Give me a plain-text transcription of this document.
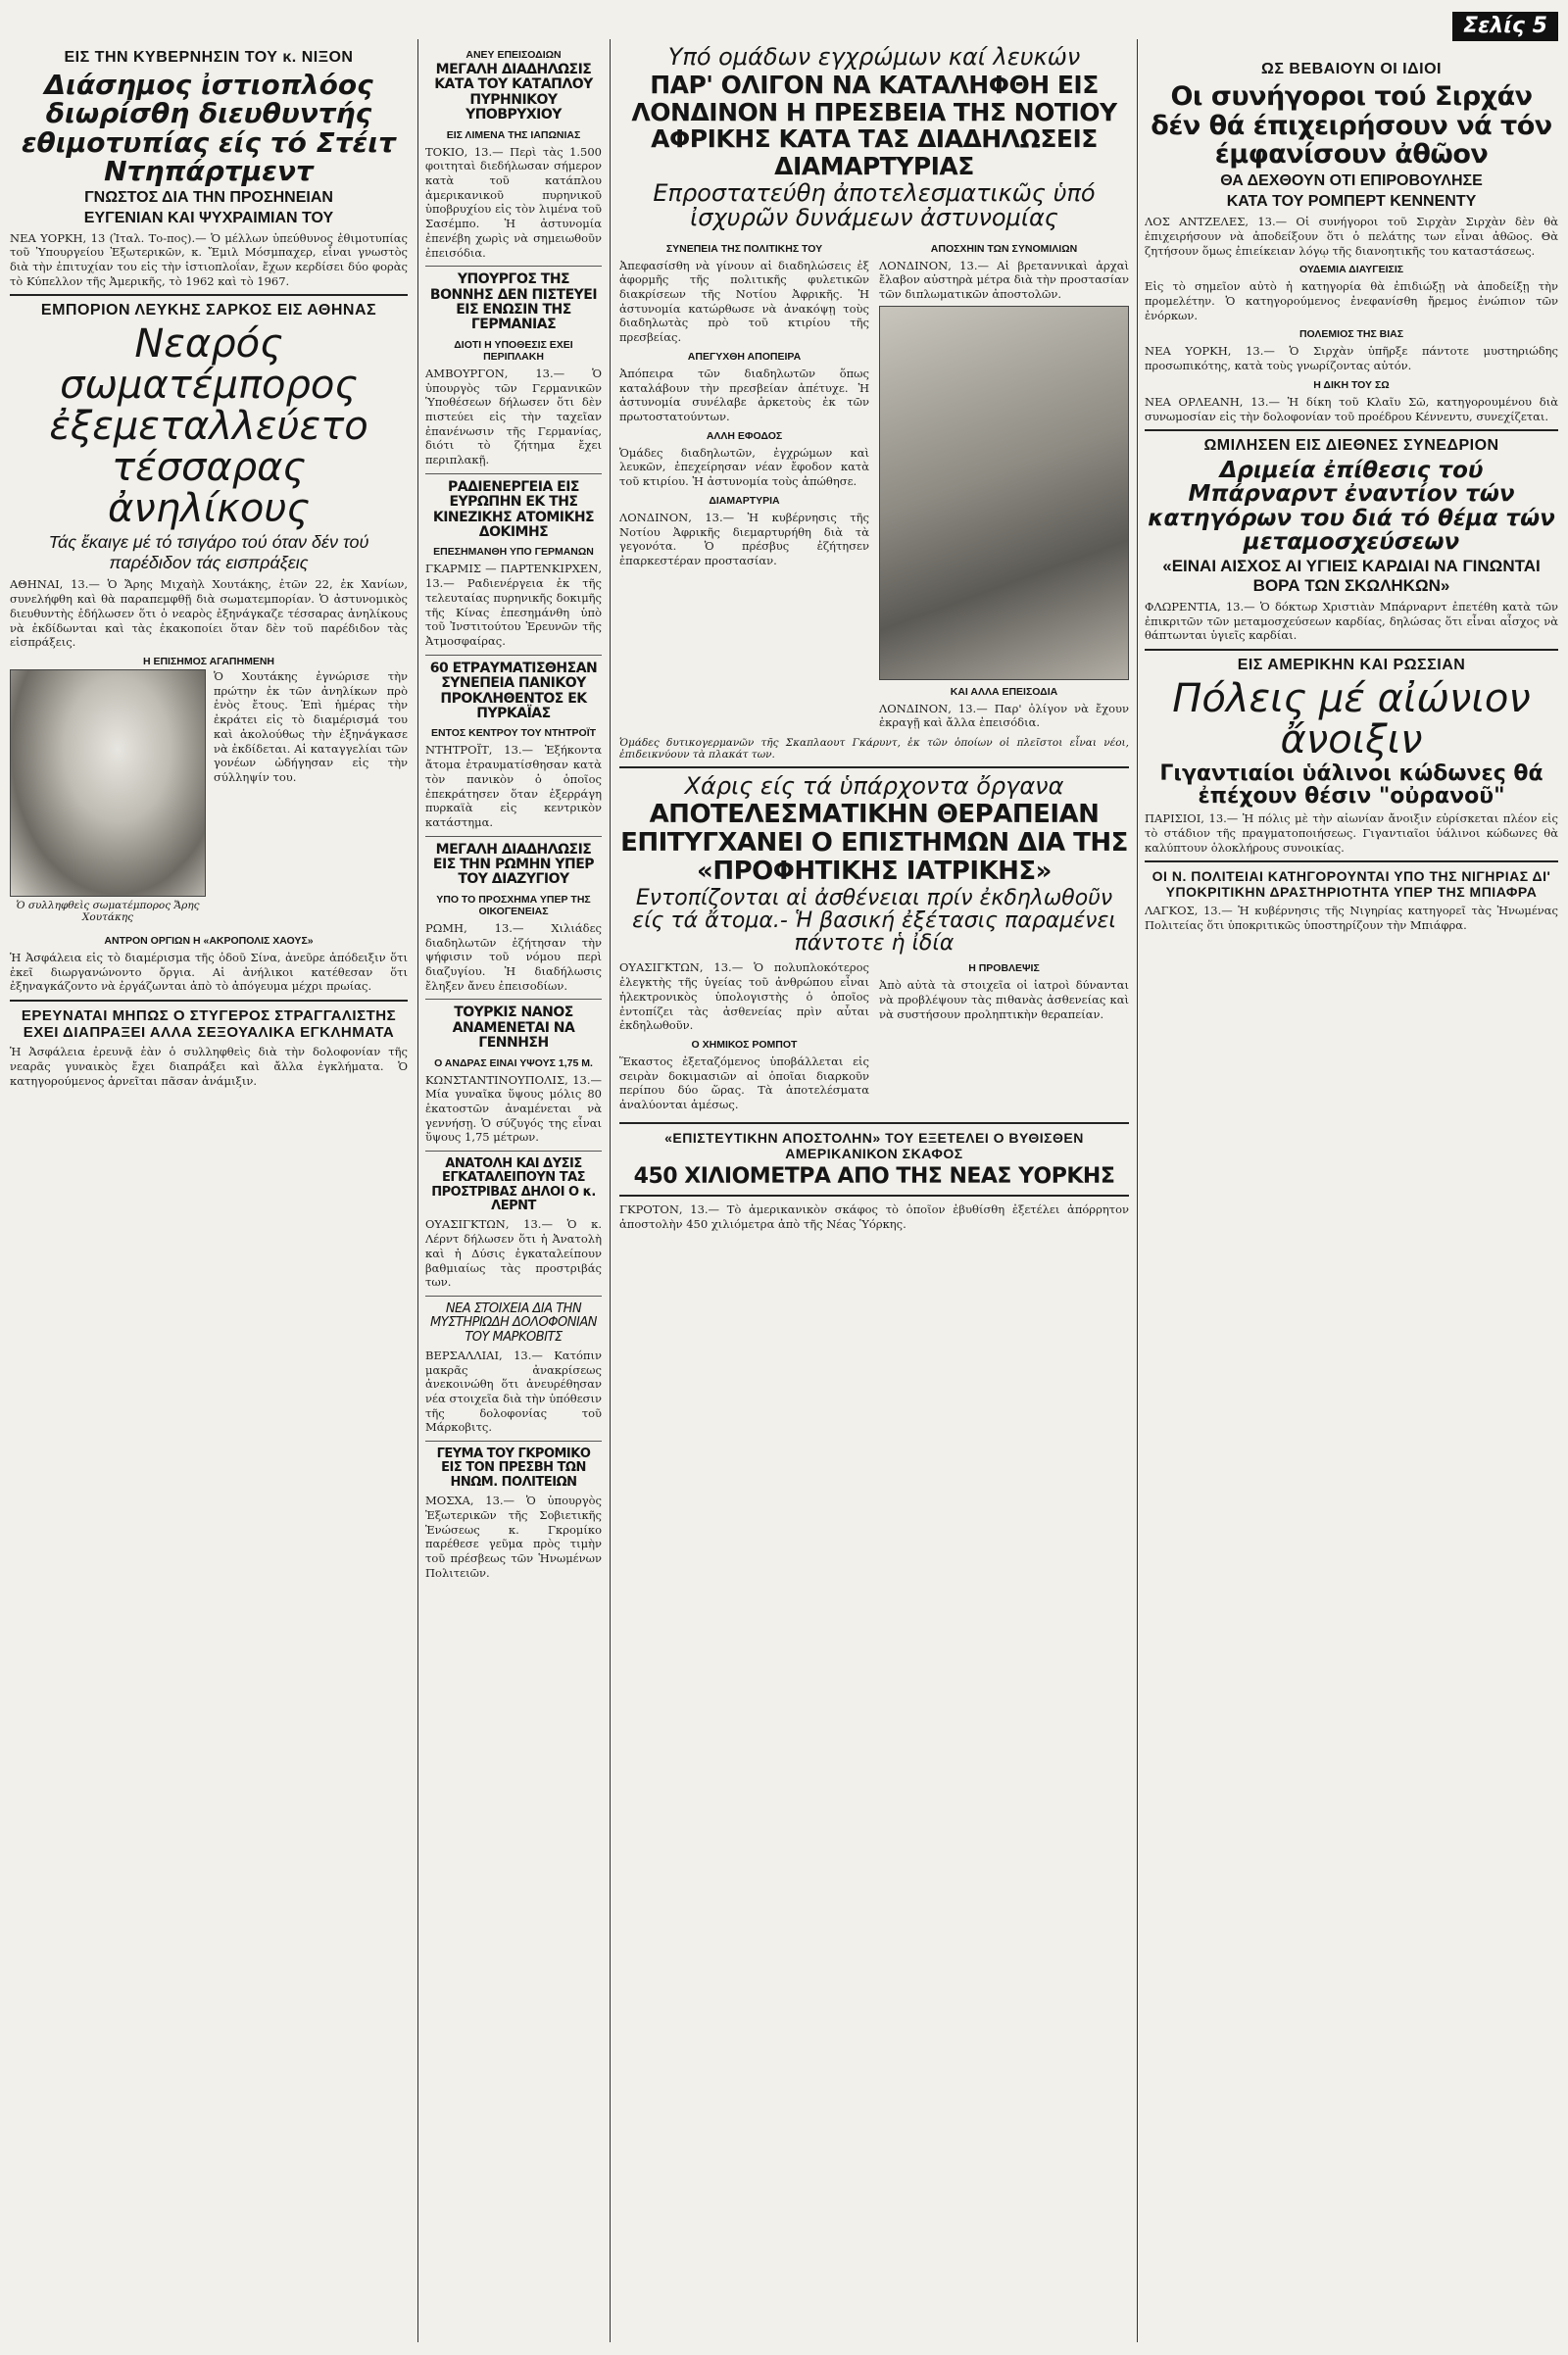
Σελίς 5
ΕΙΣ ΤΗΝ ΚΥΒΕΡΝΗΣΙΝ ΤΟΥ κ. ΝΙΞΟΝ
Διάσημος ἰστιοπλόος διωρίσθη διευθυντής εθιμοτυπίας είς τό Στέιτ Ντηπάρτμεντ
ΓΝΩΣΤΟΣ ΔΙΑ ΤΗΝ ΠΡΟΣΗΝΕΙΑΝ
ΕΥΓΕΝΙΑΝ ΚΑΙ ΨΥΧΡΑΙΜΙΑΝ ΤΟΥ
ΝΕΑ ΥΟΡΚΗ, 13 (Ἰταλ. Το-πος).— Ὁ μέλλων ὑπεύθυνος ἐθιμοτυπίας τοῦ Ὑπουργείου Ἐξωτερικῶν, κ. Ἔμιλ Μόσμπαχερ, εἶναι γνωστὸς διὰ τὴν ἐπιτυχίαν του εἰς τὴν ἱστιοπλοΐαν, ἔχων κερδίσει δύο φορὰς τὸ Κύπελλον τῆς Ἀμερικῆς, τὸ 1962 καὶ τὸ 1967.
ΕΜΠΟΡΙΟΝ ΛΕΥΚΗΣ ΣΑΡΚΟΣ ΕΙΣ ΑΘΗΝΑΣ
Νεαρός σωματέμπορος ἐξεμεταλλεύετο τέσσαρας ἀνηλίκους
Τάς ἔκαιγε μέ τό τσιγάρο τού όταν δέν τού παρέδιδον τάς εισπράξεις
ΑΘΗΝΑΙ, 13.— Ὁ Ἄρης Μιχαὴλ Χουτάκης, ἐτῶν 22, ἐκ Χανίων, συνελήφθη καὶ θὰ παραπεμφθῇ διὰ σωματεμπορίαν. Ὁ ἀστυνομικὸς διευθυντὴς ἐδήλωσεν ὅτι ὁ νεαρὸς ἐξηνάγκαζε τέσσαρας ἀνηλίκους νὰ ἐκδίδωνται καὶ τὰς ἐκακοποίει ὅταν δὲν τοῦ παρέδιδον τὰς εἰσπράξεις.
Η ΕΠΙΣΗΜΟΣ ΑΓΑΠΗΜΕΝΗ
Ὁ συλληφθεὶς σωματέμπορος Ἄρης Χουτάκης
Ὁ Χουτάκης ἐγνώρισε τὴν πρώτην ἐκ τῶν ἀνηλίκων πρὸ ἑνὸς ἔτους. Ἐπὶ ἡμέρας τὴν ἐκράτει εἰς τὸ διαμέρισμά του καὶ ἀκολούθως τὴν ἐξηνάγκασε νὰ ἐκδίδεται. Αἱ καταγγελίαι τῶν γονέων ὡδήγησαν εἰς τὴν σύλληψίν του.
ΑΝΤΡΟΝ ΟΡΓΙΩΝ Η «ΑΚΡΟΠΟΛΙΣ ΧΑΟΥΣ»
Ἡ Ἀσφάλεια εἰς τὸ διαμέρισμα τῆς ὁδοῦ Σίνα, ἀνεῦρε ἀπόδειξιν ὅτι ἐκεῖ διωργανώνοντο ὄργια. Αἱ ἀνήλικοι κατέθεσαν ὅτι ἐξηναγκάζοντο νὰ ἐργάζωνται ἀπὸ τὸ ἀπόγευμα μέχρι πρωίας.
ΕΡΕΥΝΑΤΑΙ ΜΗΠΩΣ Ο ΣΤΥΓΕΡΟΣ ΣΤΡΑΓΓΑΛΙΣΤΗΣ ΕΧΕΙ ΔΙΑΠΡΑΞΕΙ ΑΛΛΑ ΣΕΞΟΥΑΛΙΚΑ ΕΓΚΛΗΜΑΤΑ
Ἡ Ἀσφάλεια ἐρευνᾷ ἐὰν ὁ συλληφθεὶς διὰ τὴν δολοφονίαν τῆς νεαρᾶς γυναικὸς ἔχει διαπράξει καὶ ἄλλα ἐγκλήματα. Ὁ κατηγορούμενος ἀρνεῖται πᾶσαν ἀνάμιξιν.
ΑΝΕΥ ΕΠΕΙΣΟΔΙΩΝ
ΜΕΓΑΛΗ ΔΙΑΔΗΛΩΣΙΣ ΚΑΤΑ ΤΟΥ ΚΑΤΑΠΛΟΥ ΠΥΡΗΝΙΚΟΥ ΥΠΟΒΡΥΧΙΟΥ
ΕΙΣ ΛΙΜΕΝΑ ΤΗΣ ΙΑΠΩΝΙΑΣ
ΤΟΚΙΟ, 13.— Περὶ τὰς 1.500 φοιτηταὶ διεδήλωσαν σήμερον κατὰ τοῦ κατάπλου ἀμερικανικοῦ πυρηνικοῦ ὑποβρυχίου εἰς τὸν λιμένα τοῦ Σασέμπο. Ἡ ἀστυνομία ἐπενέβη χωρὶς νὰ σημειωθοῦν ἐπεισόδια.
ΥΠΟΥΡΓΟΣ ΤΗΣ ΒΟΝΝΗΣ ΔΕΝ ΠΙΣΤΕΥΕΙ ΕΙΣ ΕΝΩΣΙΝ ΤΗΣ ΓΕΡΜΑΝΙΑΣ
ΔΙΟΤΙ Η ΥΠΟΘΕΣΙΣ ΕΧΕΙ ΠΕΡΙΠΛΑΚΗ
ΑΜΒΟΥΡΓΟΝ, 13.— Ὁ ὑπουργὸς τῶν Γερμανικῶν Ὑποθέσεων δήλωσεν ὅτι δὲν πιστεύει εἰς τὴν ταχεῖαν ἐπανένωσιν τῆς Γερμανίας, διότι τὸ ζήτημα ἔχει περιπλακῇ.
ΡΑΔΙΕΝΕΡΓΕΙΑ ΕΙΣ ΕΥΡΩΠΗΝ ΕΚ ΤΗΣ ΚΙΝΕΖΙΚΗΣ ΑΤΟΜΙΚΗΣ ΔΟΚΙΜΗΣ
ΕΠΕΣΗΜΑΝΘΗ ΥΠΟ ΓΕΡΜΑΝΩΝ
ΓΚΑΡΜΙΣ — ΠΑΡΤΕΝΚΙΡΧΕΝ, 13.— Ραδιενέργεια ἐκ τῆς τελευταίας πυρηνικῆς δοκιμῆς τῆς Κίνας ἐπεσημάνθη ὑπὸ τοῦ Ἰνστιτούτου Ἐρευνῶν τῆς Ἀτμοσφαίρας.
60 ΕΤΡΑΥΜΑΤΙΣΘΗΣΑΝ ΣΥΝΕΠΕΙΑ ΠΑΝΙΚΟΥ ΠΡΟΚΛΗΘΕΝΤΟΣ ΕΚ ΠΥΡΚΑΪΑΣ
ΕΝΤΟΣ ΚΕΝΤΡΟΥ ΤΟΥ ΝΤΗΤΡΟΪΤ
ΝΤΗΤΡΟΪΤ, 13.— Ἑξήκοντα ἄτομα ἐτραυματίσθησαν κατὰ τὸν πανικὸν ὁ ὁποῖος ἐπεκράτησεν ὅταν ἐξερράγη πυρκαϊὰ εἰς κεντρικὸν κατάστημα.
ΜΕΓΑΛΗ ΔΙΑΔΗΛΩΣΙΣ ΕΙΣ ΤΗΝ ΡΩΜΗΝ ΥΠΕΡ ΤΟΥ ΔΙΑΖΥΓΙΟΥ
ΥΠΟ ΤΟ ΠΡΟΣΧΗΜΑ ΥΠΕΡ ΤΗΣ ΟΙΚΟΓΕΝΕΙΑΣ
ΡΩΜΗ, 13.— Χιλιάδες διαδηλωτῶν ἐζήτησαν τὴν ψήφισιν τοῦ νόμου περὶ διαζυγίου. Ἡ διαδήλωσις ἔληξεν ἄνευ ἐπεισοδίων.
ΤΟΥΡΚΙΣ ΝΑΝΟΣ ΑΝΑΜΕΝΕΤΑΙ ΝΑ ΓΕΝΝΗΣΗ
Ο ΑΝΔΡΑΣ ΕΙΝΑΙ ΥΨΟΥΣ 1,75 Μ.
ΚΩΝΣΤΑΝΤΙΝΟΥΠΟΛΙΣ, 13.— Μία γυναῖκα ὕψους μόλις 80 ἑκατοστῶν ἀναμένεται νὰ γεννήσῃ. Ὁ σύζυγός της εἶναι ὕψους 1,75 μέτρων.
ΑΝΑΤΟΛΗ ΚΑΙ ΔΥΣΙΣ ΕΓΚΑΤΑΛΕΙΠΟΥΝ ΤΑΣ ΠΡΟΣΤΡΙΒΑΣ ΔΗΛΟΙ Ο κ. ΛΕΡΝΤ
ΟΥΑΣΙΓΚΤΩΝ, 13.— Ὁ κ. Λέρντ δήλωσεν ὅτι ἡ Ἀνατολὴ καὶ ἡ Δύσις ἐγκαταλείπουν βαθμιαίως τὰς προστριβάς των.
ΝΕΑ ΣΤΟΙΧΕΙΑ ΔΙΑ ΤΗΝ ΜΥΣΤΗΡΙΩΔΗ ΔΟΛΟΦΟΝΙΑΝ ΤΟΥ ΜΑΡΚΟΒΙΤΣ
ΒΕΡΣΑΛΛΙΑΙ, 13.— Κατόπιν μακρᾶς ἀνακρίσεως ἀνεκοινώθη ὅτι ἀνευρέθησαν νέα στοιχεῖα διὰ τὴν ὑπόθεσιν τῆς δολοφονίας τοῦ Μάρκοβιτς.
ΓΕΥΜΑ ΤΟΥ ΓΚΡΟΜΙΚΟ ΕΙΣ ΤΟΝ ΠΡΕΣΒΗ ΤΩΝ ΗΝΩΜ. ΠΟΛΙΤΕΙΩΝ
ΜΟΣΧΑ, 13.— Ὁ ὑπουργὸς Ἐξωτερικῶν τῆς Σοβιετικῆς Ἑνώσεως κ. Γκρομίκο παρέθεσε γεῦμα πρὸς τιμὴν τοῦ πρέσβεως τῶν Ἡνωμένων Πολιτειῶν.
Υπό ομάδων εγχρώμων καί λευκών
ΠΑΡ' ΟΛΙΓΟΝ ΝΑ ΚΑΤΑΛΗΦΘΗ ΕΙΣ ΛΟΝΔΙΝΟΝ Η ΠΡΕΣΒΕΙΑ ΤΗΣ ΝΟΤΙΟΥ ΑΦΡΙΚΗΣ ΚΑΤΑ ΤΑΣ ΔΙΑΔΗΛΩΣΕΙΣ ΔΙΑΜΑΡΤΥΡΙΑΣ
Επροστατεύθη ἀποτελεσματικῶς ὑπό ἰσχυρῶν δυνάμεων ἀστυνομίας
ΣΥΝΕΠΕΙΑ ΤΗΣ ΠΟΛΙΤΙΚΗΣ ΤΟΥ
Ἀπεφασίσθη νὰ γίνουν αἱ διαδηλώσεις ἐξ ἀφορμῆς τῆς πολιτικῆς φυλετικῶν διακρίσεων τῆς Νοτίου Ἀφρικῆς. Ἡ ἀστυνομία κατώρθωσε νὰ ἀνακόψῃ τοὺς διαδηλωτὰς πρὸ τοῦ κτιρίου τῆς πρεσβείας.
ΑΠΕΓΥΧΘΗ ΑΠΟΠΕΙΡΑ
Ἀπόπειρα τῶν διαδηλωτῶν ὅπως καταλάβουν τὴν πρεσβείαν ἀπέτυχε. Ἡ ἀστυνομία συνέλαβε ἀρκετοὺς ἐκ τῶν πρωτοστατούντων.
ΑΛΛΗ ΕΦΟΔΟΣ
Ὁμάδες διαδηλωτῶν, ἐγχρώμων καὶ λευκῶν, ἐπεχείρησαν νέαν ἔφοδον κατὰ τοῦ κτιρίου. Ἡ ἀστυνομία τοὺς ἀπώθησε.
ΔΙΑΜΑΡΤΥΡΙΑ
ΛΟΝΔΙΝΟΝ, 13.— Ἡ κυβέρνησις τῆς Νοτίου Ἀφρικῆς διεμαρτυρήθη διὰ τὰ γεγονότα. Ὁ πρέσβυς ἐζήτησεν ἐπαρκεστέραν προστασίαν.
ΑΠΟΣΧΗΙΝ ΤΩΝ ΣΥΝΟΜΙΛΙΩΝ
ΛΟΝΔΙΝΟΝ, 13.— Αἱ βρεταννικαὶ ἀρχαὶ ἔλαβον αὐστηρὰ μέτρα διὰ τὴν προστασίαν τῶν διπλωματικῶν ἀποστολῶν.
ΚΑΙ ΑΛΛΑ ΕΠΕΙΣΟΔΙΑ
ΛΟΝΔΙΝΟΝ, 13.— Παρ' ὀλίγον νὰ ἔχουν ἐκραγῇ καὶ ἄλλα ἐπεισόδια.
Ὁμάδες δυτικογερμανῶν τῆς Σκαπλαουτ Γκάρυντ, ἐκ τῶν ὁποίων οἱ πλεῖστοι εἶναι νέοι, ἐπιδεικνύουν τὰ πλακάτ των.
Χάρις είς τά ὑπάρχοντα ὄργανα
ΑΠΟΤΕΛΕΣΜΑΤΙΚΗΝ ΘΕΡΑΠΕΙΑΝ ΕΠΙΤΥΓΧΑΝΕΙ Ο ΕΠΙΣΤΗΜΩΝ ΔΙΑ ΤΗΣ «ΠΡΟΦΗΤΙΚΗΣ ΙΑΤΡΙΚΗΣ»
Εντοπίζονται αἱ ἀσθένειαι πρίν ἐκδηλωθοῦν είς τά ἄτομα.- Ἡ βασική ἐξέτασις παραμένει πάντοτε ἡ ἰδία
ΟΥΑΣΙΓΚΤΩΝ, 13.— Ὁ πολυπλοκότερος ἐλεγκτὴς τῆς ὑγείας τοῦ ἀνθρώπου εἶναι ἠλεκτρονικὸς ὑπολογιστὴς ὁ ὁποῖος ἐντοπίζει τὰς ἀσθενείας πρὶν αὗται ἐκδηλωθοῦν.
Ο ΧΗΜΙΚΟΣ ΡΟΜΠΟΤ
Ἕκαστος ἐξεταζόμενος ὑποβάλλεται εἰς σειρὰν δοκιμασιῶν αἱ ὁποῖαι διαρκοῦν περίπου δύο ὥρας. Τὰ ἀποτελέσματα ἀναλύονται ἀμέσως.
Η ΠΡΟΒΛΕΨΙΣ
Ἀπὸ αὐτὰ τὰ στοιχεῖα οἱ ἰατροὶ δύνανται νὰ προβλέψουν τὰς πιθανὰς ἀσθενείας καὶ νὰ συστήσουν προληπτικὴν θεραπείαν.
«ΕΠΙΣΤΕΥΤΙΚΗΝ ΑΠΟΣΤΟΛΗΝ» ΤΟΥ ΕΞΕΤΕΛΕΙ Ο ΒΥΘΙΣΘΕΝ ΑΜΕΡΙΚΑΝΙΚΟΝ ΣΚΑΦΟΣ
450 ΧΙΛΙΟΜΕΤΡΑ ΑΠΟ ΤΗΣ ΝΕΑΣ ΥΟΡΚΗΣ
ΓΚΡΟΤΟΝ, 13.— Τὸ ἀμερικανικὸν σκάφος τὸ ὁποῖον ἐβυθίσθη ἐξετέλει ἀπόρρητον ἀποστολὴν 450 χιλιόμετρα ἀπὸ τῆς Νέας Ὑόρκης.
ΩΣ ΒΕΒΑΙΟΥΝ ΟΙ ΙΔΙΟΙ
Οι συνήγοροι τού Σιρχάν δέν θά έπιχειρήσουν νά τόν έμφανίσουν ἀθῶον
ΘΑ ΔΕΧΘΟΥΝ ΟΤΙ ΕΠΙΡΟΒΟΥΛΗΣΕ
ΚΑΤΑ ΤΟΥ ΡΟΜΠΕΡΤ ΚΕΝΝΕΝΤΥ
ΛΟΣ ΑΝΤΖΕΛΕΣ, 13.— Οἱ συνήγοροι τοῦ Σιρχὰν Σιρχὰν δὲν θὰ ἐπιχειρήσουν νὰ ἀποδείξουν ὅτι ὁ πελάτης των εἶναι ἀθῶος. Θὰ ζητήσουν ὅμως ἐπιείκειαν λόγῳ τῆς διανοητικῆς του καταστάσεως.
ΟΥΔΕΜΙΑ ΔΙΑΥΓΕΙΣΙΣ
Εἰς τὸ σημεῖον αὐτὸ ἡ κατηγορία θὰ ἐπιδιώξῃ νὰ ἀποδείξῃ τὴν προμελέτην. Ὁ κατηγορούμενος ἐνεφανίσθη ἤρεμος ἐνώπιον τῶν ἐνόρκων.
ΠΟΛΕΜΙΟΣ ΤΗΣ ΒΙΑΣ
ΝΕΑ ΥΟΡΚΗ, 13.— Ὁ Σιρχὰν ὑπῆρξε πάντοτε μυστηριώδης προσωπικότης, κατὰ τοὺς γνωρίζοντας αὐτόν.
Η ΔΙΚΗ ΤΟΥ ΣΩ
ΝΕΑ ΟΡΛΕΑΝΗ, 13.— Ἡ δίκη τοῦ Κλαῖυ Σῶ, κατηγορουμένου διὰ συνωμοσίαν εἰς τὴν δολοφονίαν τοῦ προέδρου Κέννεντυ, συνεχίζεται.
ΩΜΙΛΗΣΕΝ ΕΙΣ ΔΙΕΘΝΕΣ ΣΥΝΕΔΡΙΟΝ
Δριμεία ἐπίθεσις τού Μπάρναρντ ἐναντίον τών κατηγόρων του διά τό θέμα τών μεταμοσχεύσεων
«ΕΙΝΑΙ ΑΙΣΧΟΣ ΑΙ ΥΓΙΕΙΣ ΚΑΡΔΙΑΙ ΝΑ ΓΙΝΩΝΤΑΙ ΒΟΡΑ ΤΩΝ ΣΚΩΛΗΚΩΝ»
ΦΛΩΡΕΝΤΙΑ, 13.— Ὁ δόκτωρ Χριστιὰν Μπάρναρντ ἐπετέθη κατὰ τῶν ἐπικριτῶν τῶν μεταμοσχεύσεων καρδίας, δηλώσας ὅτι εἶναι αἶσχος νὰ θάπτωνται ὑγιεῖς καρδίαι.
ΕΙΣ ΑΜΕΡΙΚΗΝ ΚΑΙ ΡΩΣΣΙΑΝ
Πόλεις μέ αἰώνιον ἄνοιξιν
Γιγαντιαίοι ὑάλινοι κώδωνες θά ἐπέχουν θέσιν "οὐρανοῦ"
ΠΑΡΙΣΙΟΙ, 13.— Ἡ πόλις μὲ τὴν αἰωνίαν ἄνοιξιν εὑρίσκεται πλέον εἰς τὸ στάδιον τῆς πραγματοποιήσεως. Γιγαντιαῖοι ὑάλινοι κώδωνες θὰ καλύπτουν ὁλοκλήρους συνοικίας.
ΟΙ Ν. ΠΟΛΙΤΕΙΑΙ ΚΑΤΗΓΟΡΟΥΝΤΑΙ ΥΠΟ ΤΗΣ ΝΙΓΗΡΙΑΣ ΔΙ' ΥΠΟΚΡΙΤΙΚΗΝ ΔΡΑΣΤΗΡΙΟΤΗΤΑ ΥΠΕΡ ΤΗΣ ΜΠΙΑΦΡΑ
ΛΑΓΚΟΣ, 13.— Ἡ κυβέρνησις τῆς Νιγηρίας κατηγορεῖ τὰς Ἡνωμένας Πολιτείας ὅτι ὑποκριτικῶς ὑποστηρίζουν τὴν Μπιάφρα.
